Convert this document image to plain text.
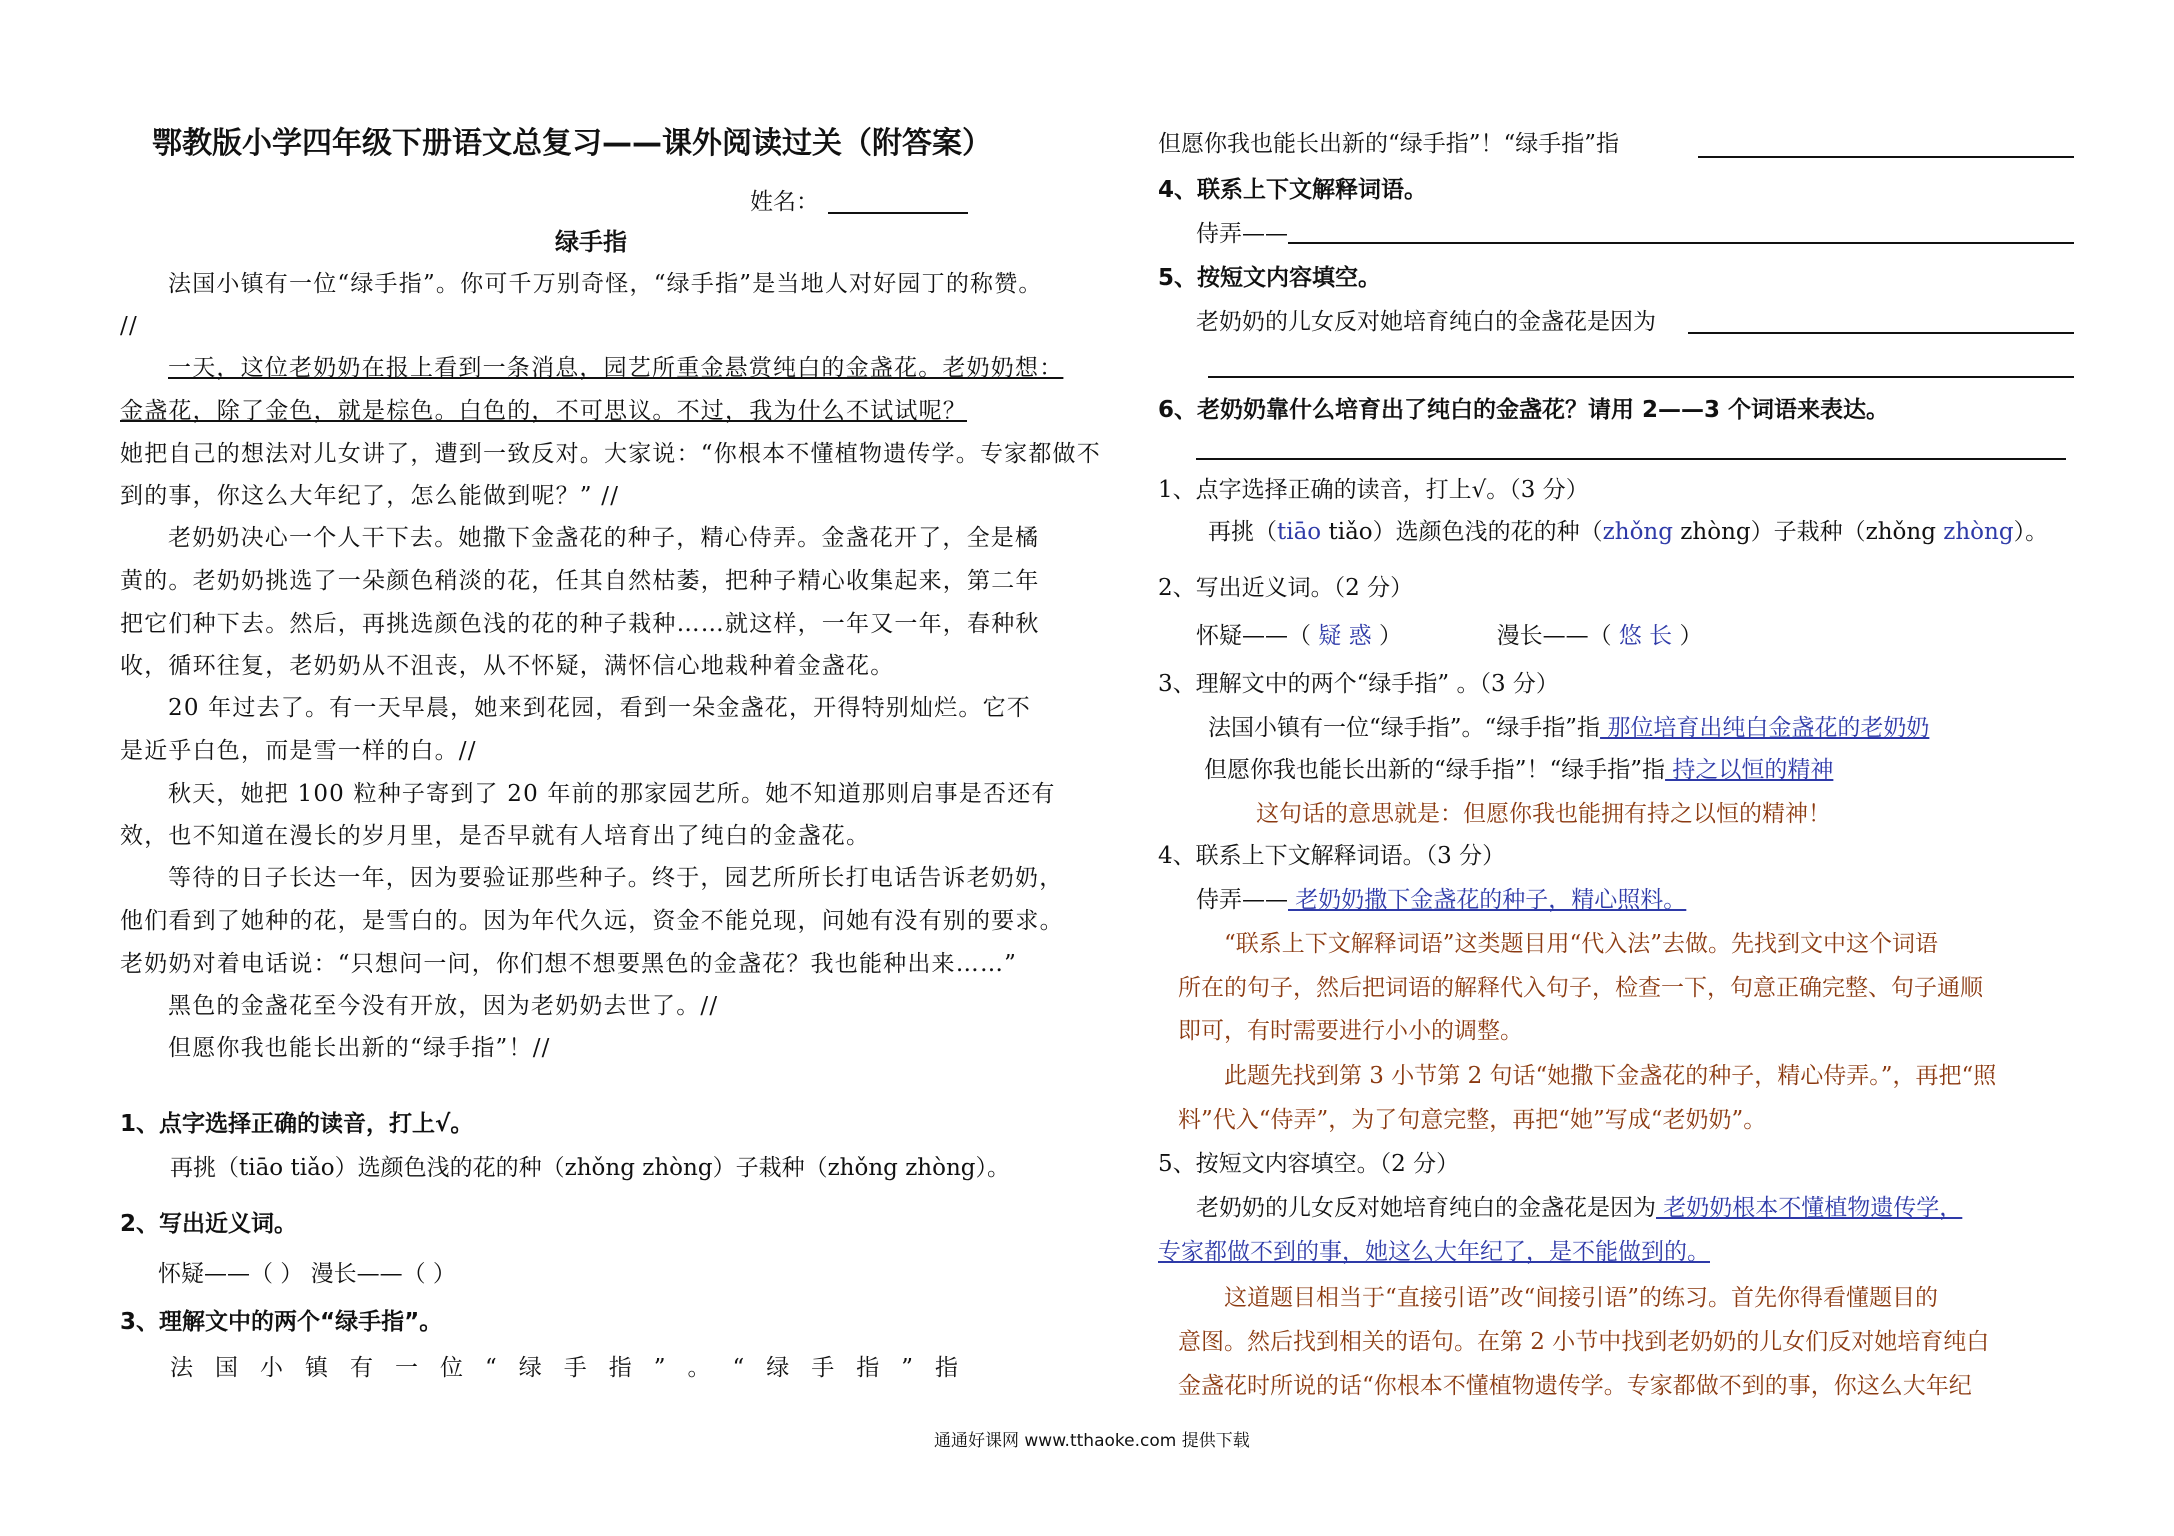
鄂教版小学四年级下册语文总复习——课外阅读过关（附答案）
姓名：
绿手指
法国小镇有一位“绿手指”。你可千万别奇怪，“绿手指”是当地人对好园丁的称赞。
//
一天，这位老奶奶在报上看到一条消息，园艺所重金悬赏纯白的金盏花。老奶奶想：
金盏花，除了金色，就是棕色。白色的，不可思议。不过，我为什么不试试呢？
她把自己的想法对儿女讲了，遭到一致反对。大家说：“你根本不懂植物遗传学。专家都做不
到的事，你这么大年纪了，怎么能做到呢？” //
老奶奶决心一个人干下去。她撒下金盏花的种子，精心侍弄。金盏花开了，全是橘
黄的。老奶奶挑选了一朵颜色稍淡的花，任其自然枯萎，把种子精心收集起来，第二年
把它们种下去。然后，再挑选颜色浅的花的种子栽种……就这样，一年又一年，春种秋
收，循环往复，老奶奶从不沮丧，从不怀疑，满怀信心地栽种着金盏花。
20 年过去了。有一天早晨，她来到花园，看到一朵金盏花，开得特别灿烂。它不
是近乎白色，而是雪一样的白。//
秋天，她把 100 粒种子寄到了 20 年前的那家园艺所。她不知道那则启事是否还有
效，也不知道在漫长的岁月里，是否早就有人培育出了纯白的金盏花。
等待的日子长达一年，因为要验证那些种子。终于，园艺所所长打电话告诉老奶奶，
他们看到了她种的花，是雪白的。因为年代久远，资金不能兑现，问她有没有别的要求。
老奶奶对着电话说：“只想问一问，你们想不想要黑色的金盏花？我也能种出来……”
黑色的金盏花至今没有开放，因为老奶奶去世了。//
但愿你我也能长出新的“绿手指”！//
1、点字选择正确的读音，打上√。
再挑（tiāo tiǎo）选颜色浅的花的种（zhǒng zhòng）子栽种（zhǒng zhòng）。
2、写出近义词。
怀疑——（ ） 漫长——（ ）
3、理解文中的两个“绿手指”。
法国小镇有一位“绿手指”。“绿手指”指
但愿你我也能长出新的“绿手指”！“绿手指”指
4、联系上下文解释词语。
侍弄——
5、按短文内容填空。
老奶奶的儿女反对她培育纯白的金盏花是因为
6、老奶奶靠什么培育出了纯白的金盏花？请用 2——3 个词语来表达。
1、点字选择正确的读音，打上√。（3 分）
再挑（tiāo tiǎo）选颜色浅的花的种（zhǒng zhòng）子栽种（zhǒng zhòng）。
2、写出近义词。（2 分）
怀疑——（ 疑 惑 ）	漫长——（ 悠 长 ）
3、理解文中的两个“绿手指” 。（3 分）
法国小镇有一位“绿手指”。“绿手指”指 那位培育出纯白金盏花的老奶奶
但愿你我也能长出新的“绿手指”！“绿手指”指 持之以恒的精神
这句话的意思就是：但愿你我也能拥有持之以恒的精神！
4、联系上下文解释词语。（3 分）
侍弄—— 老奶奶撒下金盏花的种子，精心照料。
“联系上下文解释词语”这类题目用“代入法”去做。先找到文中这个词语
所在的句子，然后把词语的解释代入句子，检查一下，句意正确完整、句子通顺
即可，有时需要进行小小的调整。
此题先找到第 3 小节第 2 句话“她撒下金盏花的种子，精心侍弄。”，再把“照
料”代入“侍弄”，为了句意完整，再把“她”写成“老奶奶”。
5、按短文内容填空。（2 分）
老奶奶的儿女反对她培育纯白的金盏花是因为 老奶奶根本不懂植物遗传学，
专家都做不到的事，她这么大年纪了，是不能做到的。
这道题目相当于“直接引语”改“间接引语”的练习。首先你得看懂题目的
意图。然后找到相关的语句。在第 2 小节中找到老奶奶的儿女们反对她培育纯白
金盏花时所说的话“你根本不懂植物遗传学。专家都做不到的事，你这么大年纪
通通好课网 www.tthaoke.com 提供下载
